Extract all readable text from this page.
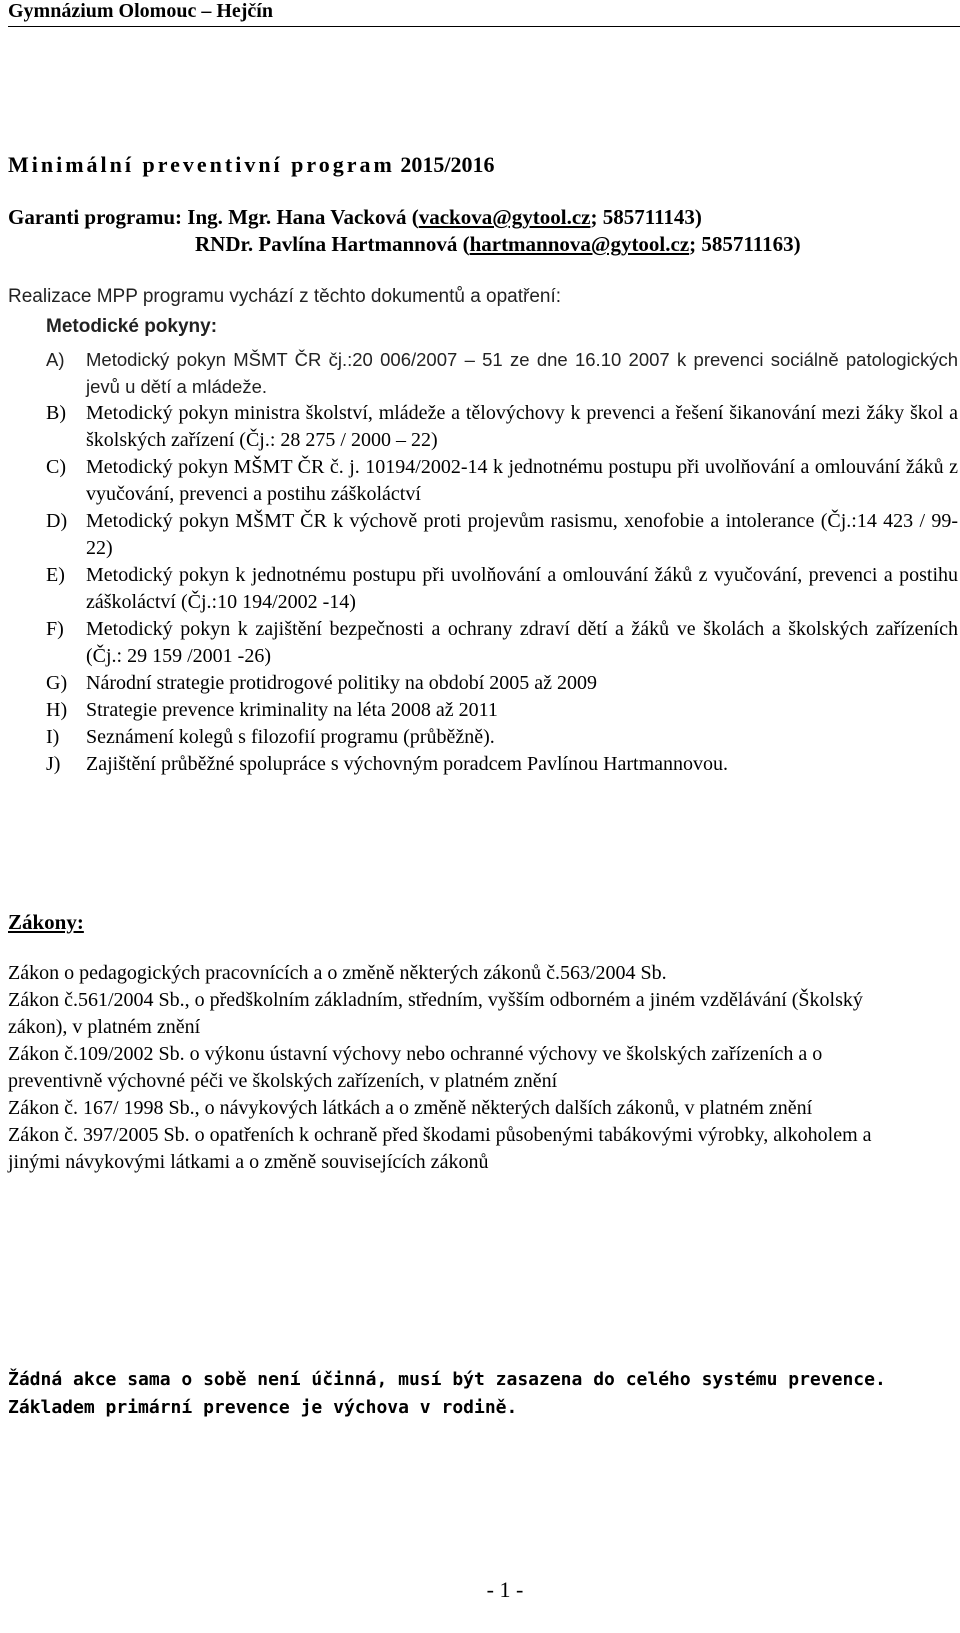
Gymnázium Olomouc – Hejčín
Minimální preventivní program 2015/2016
Garanti programu: Ing. Mgr. Hana Vacková (vackova@gytool.cz; 585711143)
RNDr. Pavlína Hartmannová (hartmannova@gytool.cz; 585711163)
Realizace MPP programu vychází z těchto dokumentů a opatření:
Metodické pokyny:
A) Metodický pokyn MŠMT ČR čj.:20 006/2007 – 51 ze dne 16.10 2007 k prevenci sociálně patologických jevů u dětí a mládeže.
B) Metodický pokyn ministra školství, mládeže a tělovýchovy k prevenci a řešení šikanování mezi žáky škol a školských zařízení (Čj.: 28 275 / 2000 – 22)
C) Metodický pokyn MŠMT ČR č. j. 10194/2002-14 k jednotnému postupu při uvolňování a omlouvání žáků z vyučování, prevenci a postihu záškoláctví
D) Metodický pokyn MŠMT ČR k výchově proti projevům rasismu, xenofobie a intolerance (Čj.:14 423 / 99-22)
E) Metodický pokyn k jednotnému postupu při uvolňování a omlouvání žáků z vyučování, prevenci a postihu záškoláctví (Čj.:10 194/2002 -14)
F) Metodický pokyn k zajištění bezpečnosti a ochrany zdraví dětí a žáků ve školách a školských zařízeních (Čj.: 29 159 /2001 -26)
G) Národní strategie protidrogové politiky na období 2005 až 2009
H) Strategie prevence kriminality na léta 2008 až 2011
I) Seznámení kolegů s filozofií programu (průběžně).
J) Zajištění průběžné spolupráce s výchovným poradcem Pavlínou Hartmannovou.
Zákony:

Zákon o pedagogických pracovnících a o změně některých zákonů č.563/2004 Sb.

Zákon č.561/2004 Sb., o předškolním základním, středním, vyšším odborném a jiném vzdělávání (Školský zákon), v platném znění

Zákon č.109/2002 Sb. o výkonu ústavní výchovy nebo ochranné výchovy ve školských zařízeních a o preventivně výchovné péči ve školských zařízeních, v platném znění

Zákon č. 167/ 1998 Sb., o návykových látkách a o změně některých dalších zákonů, v platném znění

Zákon č. 397/2005 Sb. o opatřeních k ochraně před škodami působenými tabákovými výrobky, alkoholem a jinými návykovými látkami a o změně souvisejících zákonů

Žádná akce sama o sobě není účinná, musí být zasazena do celého systému prevence.

Základem primární prevence je výchova v rodině.

- 1 -
